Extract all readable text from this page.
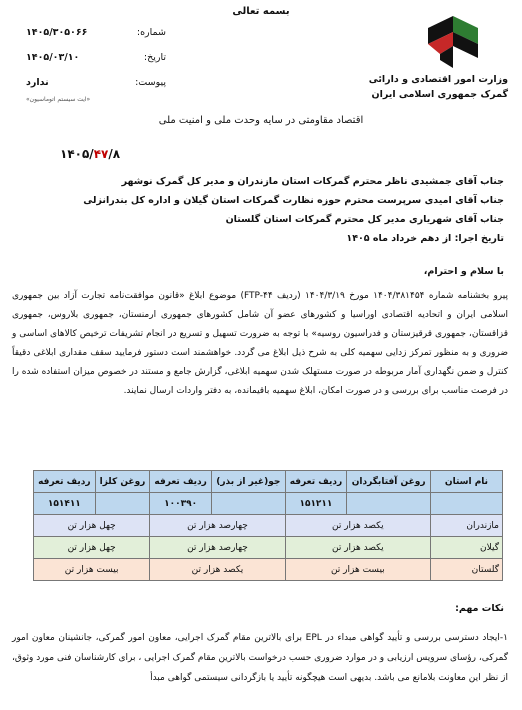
بسمه تعالی
وزارت امور اقتصادی و دارائی
گمرک جمهوری اسلامی ایران
شماره:
۱۴۰۵/۳۰۵۰۶۶
تاریخ:
۱۴۰۵/۰۳/۱۰
پیوست:
ندارد
«ایت سیستم اتوماسیون»
اقتصاد مقاومتی در سایه وحدت ملی و امنیت ملی
۱۴۰۵/۴۷/۸
جناب آقای جمشیدی ناظر محترم گمرکات استان مازندران و مدیر کل گمرک نوشهر
جناب آقای امیدی سرپرست محترم حوزه نظارت گمرکات استان گیلان و اداره کل بندرانزلی
جناب آقای شهریاری مدیر کل محترم گمرکات استان گلستان
تاریخ اجرا: از دهم خرداد ماه ۱۴۰۵
با سلام و احترام،
پیرو بخشنامه شماره ۱۴۰۴/۳۸۱۴۵۴ مورخ ۱۴۰۴/۳/۱۹ (ردیف FTP-۴۴) موضوع ابلاغ «قانون موافقت‌نامه تجارت آزاد بین جمهوری اسلامی ایران و اتحادیه اقتصادی اوراسیا و کشورهای عضو آن شامل کشورهای جمهوری ارمنستان، جمهوری بلاروس، جمهوری قزاقستان، جمهوری قرقیزستان و فدراسیون روسیه» با توجه به ضرورت تسهیل و تسریع در انجام تشریفات ترخیص کالاهای اساسی و ضروری و به منظور تمرکز زدایی سهمیه کلی به شرح ذیل ابلاغ می گردد. خواهشمند است دستور فرمایید سقف مقداری ابلاغی دقیقاً کنترل و ضمن نگهداری آمار مربوطه در صورت مستهلک شدن سهمیه ابلاغی، گزارش جامع و مستند در خصوص میزان استفاده شده را در فرصت مناسب برای بررسی و در صورت امکان، ابلاغ سهمیه باقیمانده، به دفتر واردات ارسال نمایند.
نام استان	روغن آفتابگردان	ردیف تعرفه	جو(غیر از بذر)	ردیف تعرفه	روغن کلزا	ردیف تعرفه
		۱۵۱۲۱۱		۱۰۰۳۹۰		۱۵۱۴۱۱
مازندران	یکصد هزار تن		چهارصد هزار تن		چهل هزار تن	
گیلان	یکصد هزار تن		چهارصد هزار تن		چهل هزار تن	
گلستان	بیست هزار تن		یکصد هزار تن		بیست هزار تن	
نکات مهم:
۱-ایجاد دسترسی بررسی و تأیید گواهی مبداء در EPL برای بالاترین مقام گمرک اجرایی، معاون امور گمرکی، جانشینان معاون امور گمرکی، رؤسای سرویس ارزیابی و در موارد ضروری حسب درخواست بالاترین مقام گمرک اجرایی ، برای کارشناسان فنی مورد وثوق، از نظر این معاونت بلامانع می باشد. بدیهی است هیچگونه تأیید یا بازگردانی سیستمی گواهی مبدأ
